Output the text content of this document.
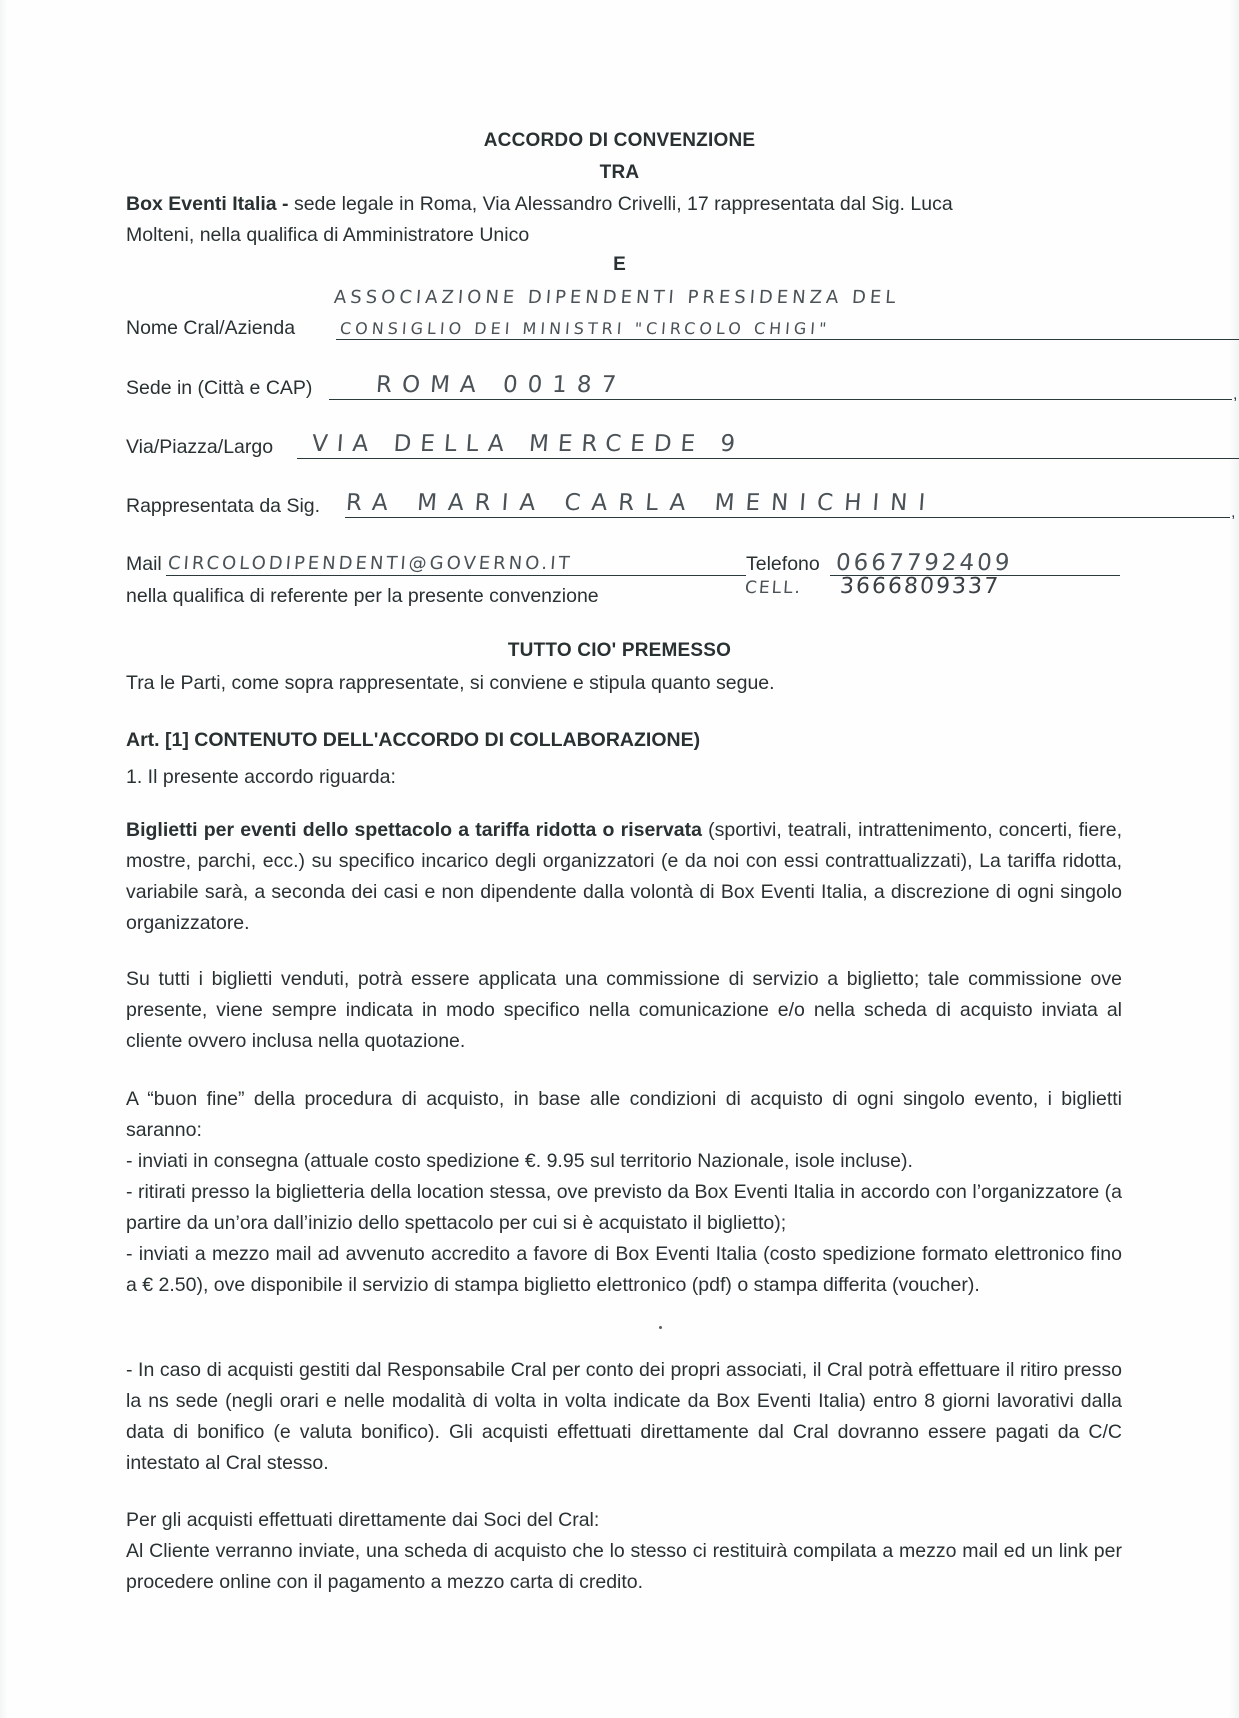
ACCORDO DI CONVENZIONE
TRA
Box Eventi Italia - sede legale in Roma, Via Alessandro Crivelli, 17 rappresentata dal Sig. Luca
Molteni, nella qualifica di Amministratore Unico
E
ASSOCIAZIONE DIPENDENTI PRESIDENZA DEL
Nome Cral/Azienda	CONSIGLIO DEI MINISTRI "CIRCOLO CHIGI"
Sede in (Città e CAP)	ROMA 00187	,
Via/Piazza/Largo VIA DELLA MERCEDE 9
Rappresentata da Sig. RA MARIA CARLA MENICHINI	,
Mail CIRCOLODIPENDENTI@GOVERNO.IT	Telefono 0667792409
nella qualifica di referente per la presente convenzione	CELL. 3666809337
TUTTO CIO' PREMESSO
Tra le Parti, come sopra rappresentate, si conviene e stipula quanto segue.
Art. [1] CONTENUTO DELL'ACCORDO DI COLLABORAZIONE)
1. Il presente accordo riguarda:

Biglietti per eventi dello spettacolo a tariffa ridotta o riservata (sportivi, teatrali, intrattenimento, concerti, fiere, mostre, parchi, ecc.) su specifico incarico degli organizzatori (e da noi con essi contrattualizzati), La tariffa ridotta, variabile sarà, a seconda dei casi e non dipendente dalla volontà di Box Eventi Italia, a discrezione di ogni singolo organizzatore.

Su tutti i biglietti venduti, potrà essere applicata una commissione di servizio a biglietto; tale commissione ove presente, viene sempre indicata in modo specifico nella comunicazione e/o nella scheda di acquisto inviata al cliente ovvero inclusa nella quotazione.

A “buon fine” della procedura di acquisto, in base alle condizioni di acquisto di ogni singolo evento, i biglietti saranno:

- inviati in consegna (attuale costo spedizione €. 9.95 sul territorio Nazionale, isole incluse).

- ritirati presso la biglietteria della location stessa, ove previsto da Box Eventi Italia in accordo con l’organizzatore (a partire da un’ora dall’inizio dello spettacolo per cui si è acquistato il biglietto);

- inviati a mezzo mail ad avvenuto accredito a favore di Box Eventi Italia (costo spedizione formato elettronico fino a € 2.50), ove disponibile il servizio di stampa biglietto elettronico (pdf) o stampa differita (voucher).

- In caso di acquisti gestiti dal Responsabile Cral per conto dei propri associati, il Cral potrà effettuare il ritiro presso la ns sede (negli orari e nelle modalità di volta in volta indicate da Box Eventi Italia) entro 8 giorni lavorativi dalla data di bonifico (e valuta bonifico). Gli acquisti effettuati direttamente dal Cral dovranno essere pagati da C/C intestato al Cral stesso.

Per gli acquisti effettuati direttamente dai Soci del Cral:

Al Cliente verranno inviate, una scheda di acquisto che lo stesso ci restituirà compilata a mezzo mail ed un link per procedere online con il pagamento a mezzo carta di credito.
